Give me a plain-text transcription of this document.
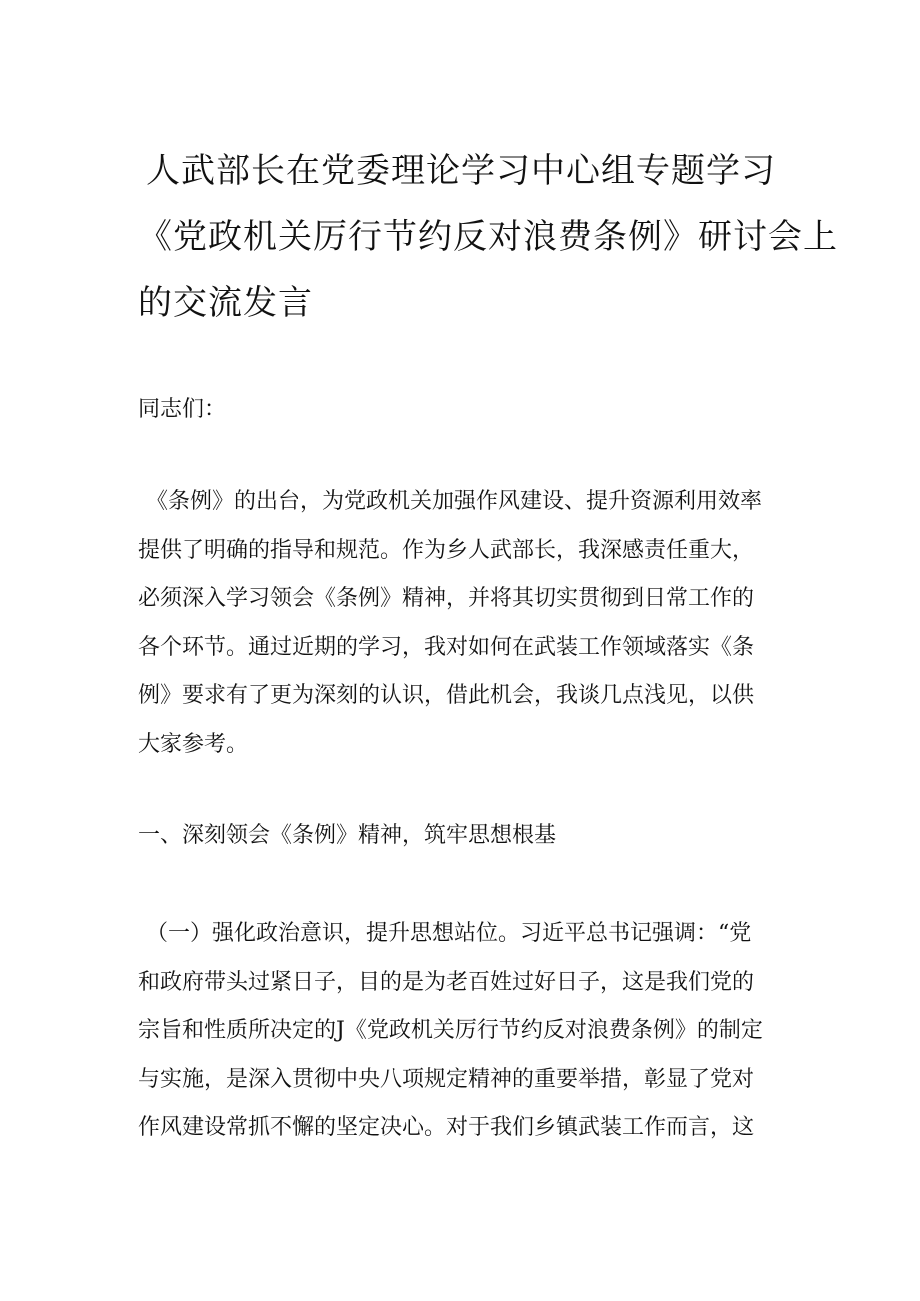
人武部长在党委理论学习中心组专题学习
《党政机关厉行节约反对浪费条例》研讨会上
的交流发言

同志们：

《条例》的出台，为党政机关加强作风建设、提升资源利用效率
提供了明确的指导和规范。作为乡人武部长，我深感责任重大，
必须深入学习领会《条例》精神，并将其切实贯彻到日常工作的
各个环节。通过近期的学习，我对如何在武装工作领域落实《条
例》要求有了更为深刻的认识，借此机会，我谈几点浅见，以供
大家参考。

一、深刻领会《条例》精神，筑牢思想根基

（一）强化政治意识，提升思想站位。习近平总书记强调：“党
和政府带头过紧日子，目的是为老百姓过好日子，这是我们党的
宗旨和性质所决定的J《党政机关厉行节约反对浪费条例》的制定
与实施，是深入贯彻中央八项规定精神的重要举措，彰显了党对
作风建设常抓不懈的坚定决心。对于我们乡镇武装工作而言，这
